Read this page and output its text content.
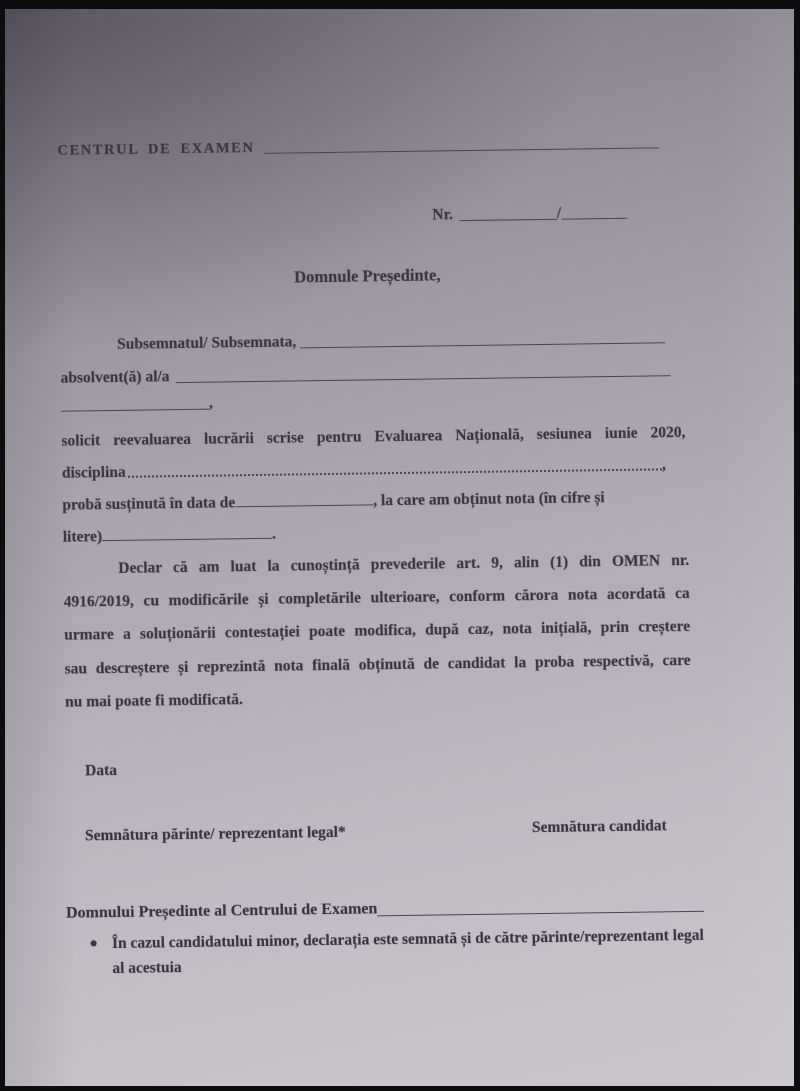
CENTRUL DE EXAMEN
Nr.	/
Domnule Președinte,
Subsemnatul/ Subsemnata,
absolvent(ă) al/a
,
solicit reevaluarea lucrării scrise pentru Evaluarea Națională, sesiunea iunie 2020,
disciplina	,
probă susținută în data de	, la care am obținut nota (în cifre și
litere)	.
Declar că am luat la cunoștință prevederile art. 9, alin (1) din OMEN nr.
4916/2019, cu modificările și completările ulterioare, conform cărora nota acordată ca
urmare a soluționării contestației poate modifica, după caz, nota inițială, prin creștere
sau descreștere și reprezintă nota finală obținută de candidat la proba respectivă, care
nu mai poate fi modificată.
Data
Semnătura părinte/ reprezentant legal*	Semnătura candidat
Domnului Președinte al Centrului de Examen
● În cazul candidatului minor, declarația este semnată și de către părinte/reprezentant legal al acestuia
